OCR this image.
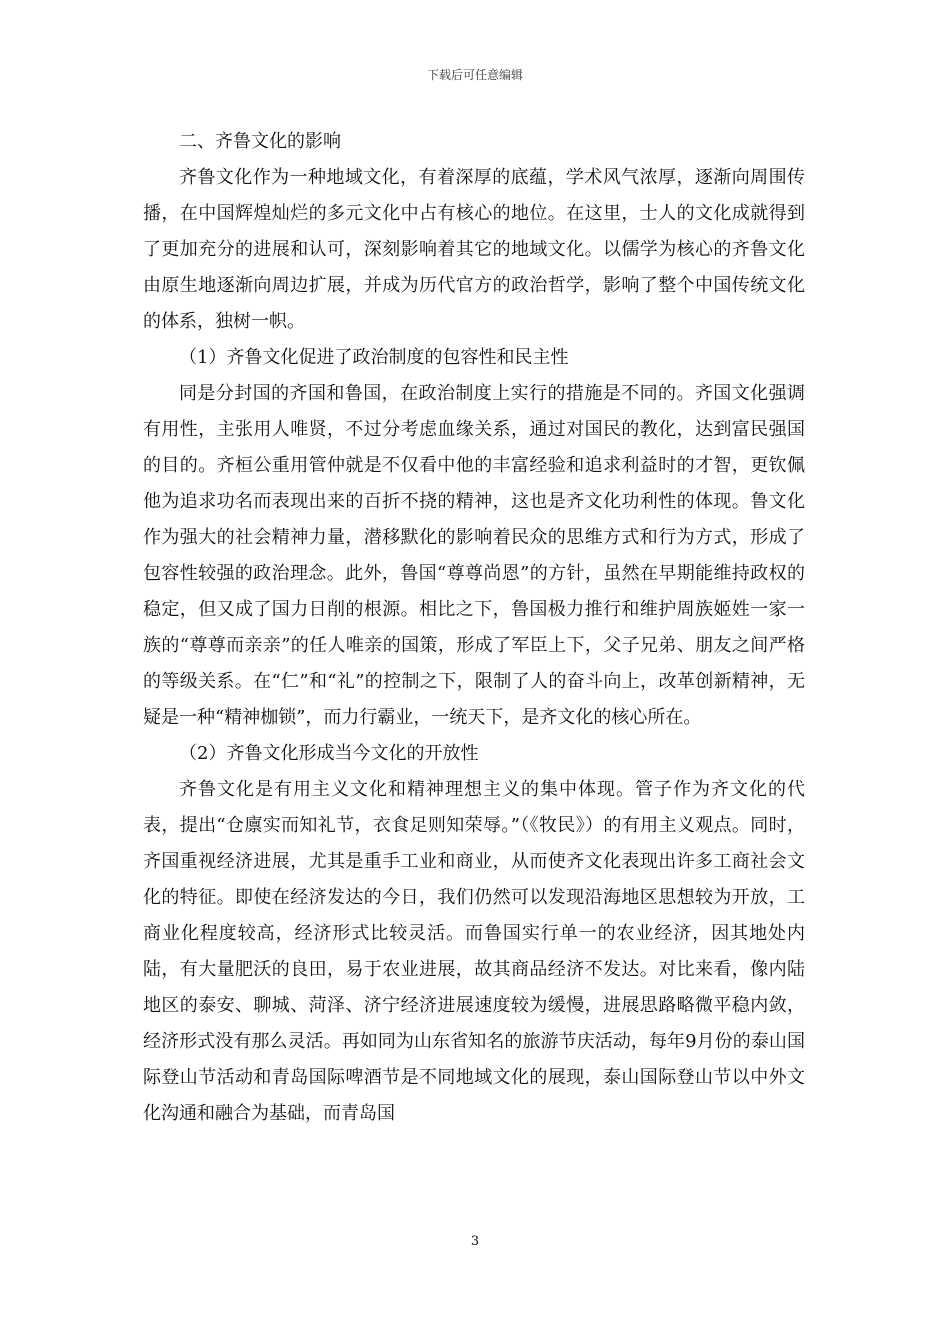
下载后可任意编辑

二、齐鲁文化的影响

齐鲁文化作为一种地域文化，有着深厚的底蕴，学术风气浓厚，逐渐向周围传播，在中国辉煌灿烂的多元文化中占有核心的地位。在这里，士人的文化成就得到了更加充分的进展和认可，深刻影响着其它的地域文化。以儒学为核心的齐鲁文化由原生地逐渐向周边扩展，并成为历代官方的政治哲学，影响了整个中国传统文化的体系，独树一帜。

（1）齐鲁文化促进了政治制度的包容性和民主性

同是分封国的齐国和鲁国，在政治制度上实行的措施是不同的。齐国文化强调有用性，主张用人唯贤，不过分考虑血缘关系，通过对国民的教化，达到富民强国的目的。齐桓公重用管仲就是不仅看中他的丰富经验和追求利益时的才智，更钦佩他为追求功名而表现出来的百折不挠的精神，这也是齐文化功利性的体现。鲁文化作为强大的社会精神力量，潜移默化的影响着民众的思维方式和行为方式，形成了包容性较强的政治理念。此外，鲁国“尊尊尚恩”的方针，虽然在早期能维持政权的稳定，但又成了国力日削的根源。相比之下，鲁国极力推行和维护周族姬姓一家一族的“尊尊而亲亲”的任人唯亲的国策，形成了军臣上下，父子兄弟、朋友之间严格的等级关系。在“仁”和“礼”的控制之下，限制了人的奋斗向上，改革创新精神，无疑是一种“精神枷锁”，而力行霸业，一统天下，是齐文化的核心所在。

（2）齐鲁文化形成当今文化的开放性

齐鲁文化是有用主义文化和精神理想主义的集中体现。管子作为齐文化的代表，提出“仓廪实而知礼节，衣食足则知荣辱。”（《牧民》）的有用主义观点。同时，齐国重视经济进展，尤其是重手工业和商业，从而使齐文化表现出许多工商社会文化的特征。即使在经济发达的今日，我们仍然可以发现沿海地区思想较为开放，工商业化程度较高，经济形式比较灵活。而鲁国实行单一的农业经济，因其地处内陆，有大量肥沃的良田，易于农业进展，故其商品经济不发达。对比来看，像内陆地区的泰安、聊城、菏泽、济宁经济进展速度较为缓慢，进展思路略微平稳内敛，经济形式没有那么灵活。再如同为山东省知名的旅游节庆活动，每年9月份的泰山国际登山节活动和青岛国际啤酒节是不同地域文化的展现，泰山国际登山节以中外文化沟通和融合为基础，而青岛国

3
